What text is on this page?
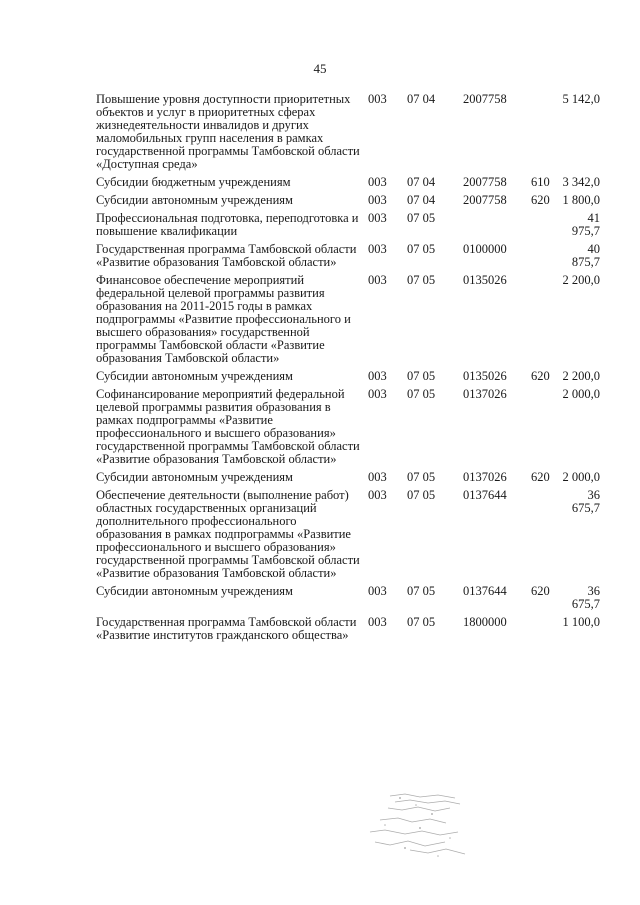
45
Повышение уровня доступности приоритетных объектов и услуг в приоритетных сферах жизнедеятельности инвалидов и других маломобильных групп населения в рамках государственной программы Тамбовской области «Доступная среда»	003	07 04	2007758		5 142,0
Субсидии бюджетным учреждениям	003	07 04	2007758	610	3 342,0
Субсидии автономным учреждениям	003	07 04	2007758	620	1 800,0
Профессиональная подготовка, переподготовка и повышение квалификации	003	07 05			41 975,7
Государственная программа Тамбовской области «Развитие образования Тамбовской области»	003	07 05	0100000		40 875,7
Финансовое обеспечение мероприятий федеральной целевой программы развития образования на 2011-2015 годы в рамках подпрограммы «Развитие профессионального и высшего образования» государственной программы Тамбовской области «Развитие образования Тамбовской области»	003	07 05	0135026		2 200,0
Субсидии автономным учреждениям	003	07 05	0135026	620	2 200,0
Софинансирование мероприятий федеральной целевой программы развития образования в рамках подпрограммы «Развитие профессионального и высшего образования» государственной программы Тамбовской области «Развитие образования Тамбовской области»	003	07 05	0137026		2 000,0
Субсидии автономным учреждениям	003	07 05	0137026	620	2 000,0
Обеспечение деятельности (выполнение работ) областных государственных организаций дополнительного профессионального образования в рамках подпрограммы «Развитие профессионального и высшего образования» государственной программы Тамбовской области «Развитие образования Тамбовской области»	003	07 05	0137644		36 675,7
Субсидии автономным учреждениям	003	07 05	0137644	620	36 675,7
Государственная программа Тамбовской области «Развитие институтов гражданского общества»	003	07 05	1800000		1 100,0
